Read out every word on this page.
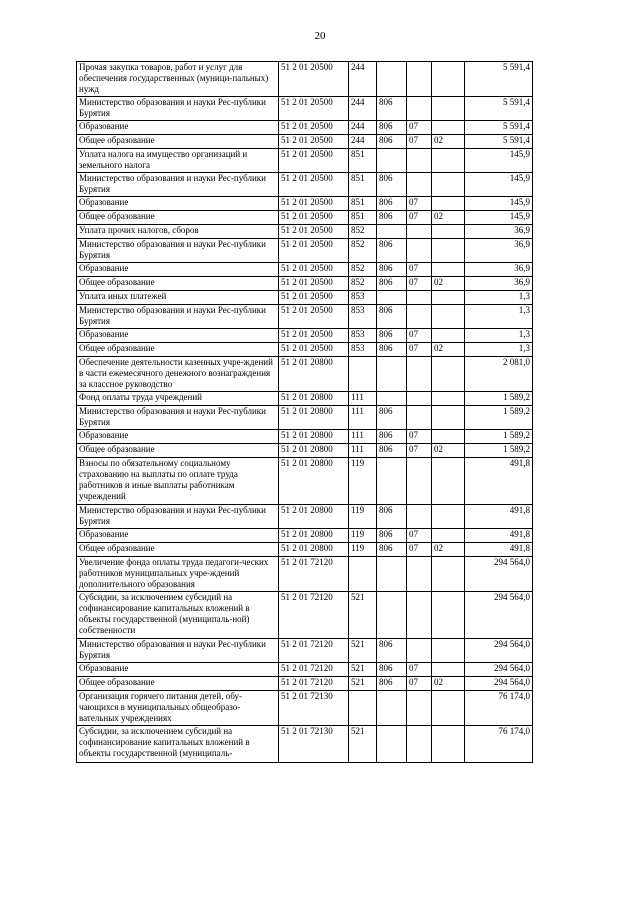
20
Прочая закупка товаров, работ и услуг для обеспечения государственных (муници-пальных) нужд	51 2 01 20500	244				5 591,4
Министерство образования и науки Рес-публики Бурятия	51 2 01 20500	244	806			5 591,4
Образование	51 2 01 20500	244	806	07		5 591,4
Общее образование	51 2 01 20500	244	806	07	02	5 591,4
Уплата налога на имущество организаций и земельного налога	51 2 01 20500	851				145,9
Министерство образования и науки Рес-публики Бурятия	51 2 01 20500	851	806			145,9
Образование	51 2 01 20500	851	806	07		145,9
Общее образование	51 2 01 20500	851	806	07	02	145,9
Уплата прочих налогов, сборов	51 2 01 20500	852				36,9
Министерство образования и науки Рес-публики Бурятия	51 2 01 20500	852	806			36,9
Образование	51 2 01 20500	852	806	07		36,9
Общее образование	51 2 01 20500	852	806	07	02	36,9
Уплата иных платежей	51 2 01 20500	853				1,3
Министерство образования и науки Рес-публики Бурятия	51 2 01 20500	853	806			1,3
Образование	51 2 01 20500	853	806	07		1,3
Общее образование	51 2 01 20500	853	806	07	02	1,3
Обеспечение деятельности казенных учре-ждений в части ежемесячного денежного вознаграждения за классное руководство	51 2 01 20800					2 081,0
Фонд оплаты труда учреждений	51 2 01 20800	111				1 589,2
Министерство образования и науки Рес-публики Бурятия	51 2 01 20800	111	806			1 589,2
Образование	51 2 01 20800	111	806	07		1 589,2
Общее образование	51 2 01 20800	111	806	07	02	1 589,2
Взносы по обязательному социальному страхованию на выплаты по оплате труда работников и иные выплаты работникам учреждений	51 2 01 20800	119				491,8
Министерство образования и науки Рес-публики Бурятия	51 2 01 20800	119	806			491,8
Образование	51 2 01 20800	119	806	07		491,8
Общее образование	51 2 01 20800	119	806	07	02	491,8
Увеличение фонда оплаты труда педагоги-ческих работников муниципальных учре-ждений дополнительного образования	51 2 01 72120					294 564,0
Субсидии, за исключением субсидий на софинансирование капитальных вложений в объекты государственной (муниципаль-ной) собственности	51 2 01 72120	521				294 564,0
Министерство образования и науки Рес-публики Бурятия	51 2 01 72120	521	806			294 564,0
Образование	51 2 01 72120	521	806	07		294 564,0
Общее образование	51 2 01 72120	521	806	07	02	294 564,0
Организация горячего питания детей, обу-чающихся в муниципальных общеобразо-вательных учреждениях	51 2 01 72130					76 174,0
Субсидии, за исключением субсидий на софинансирование капитальных вложений в объекты государственной (муниципаль-	51 2 01 72130	521				76 174,0
